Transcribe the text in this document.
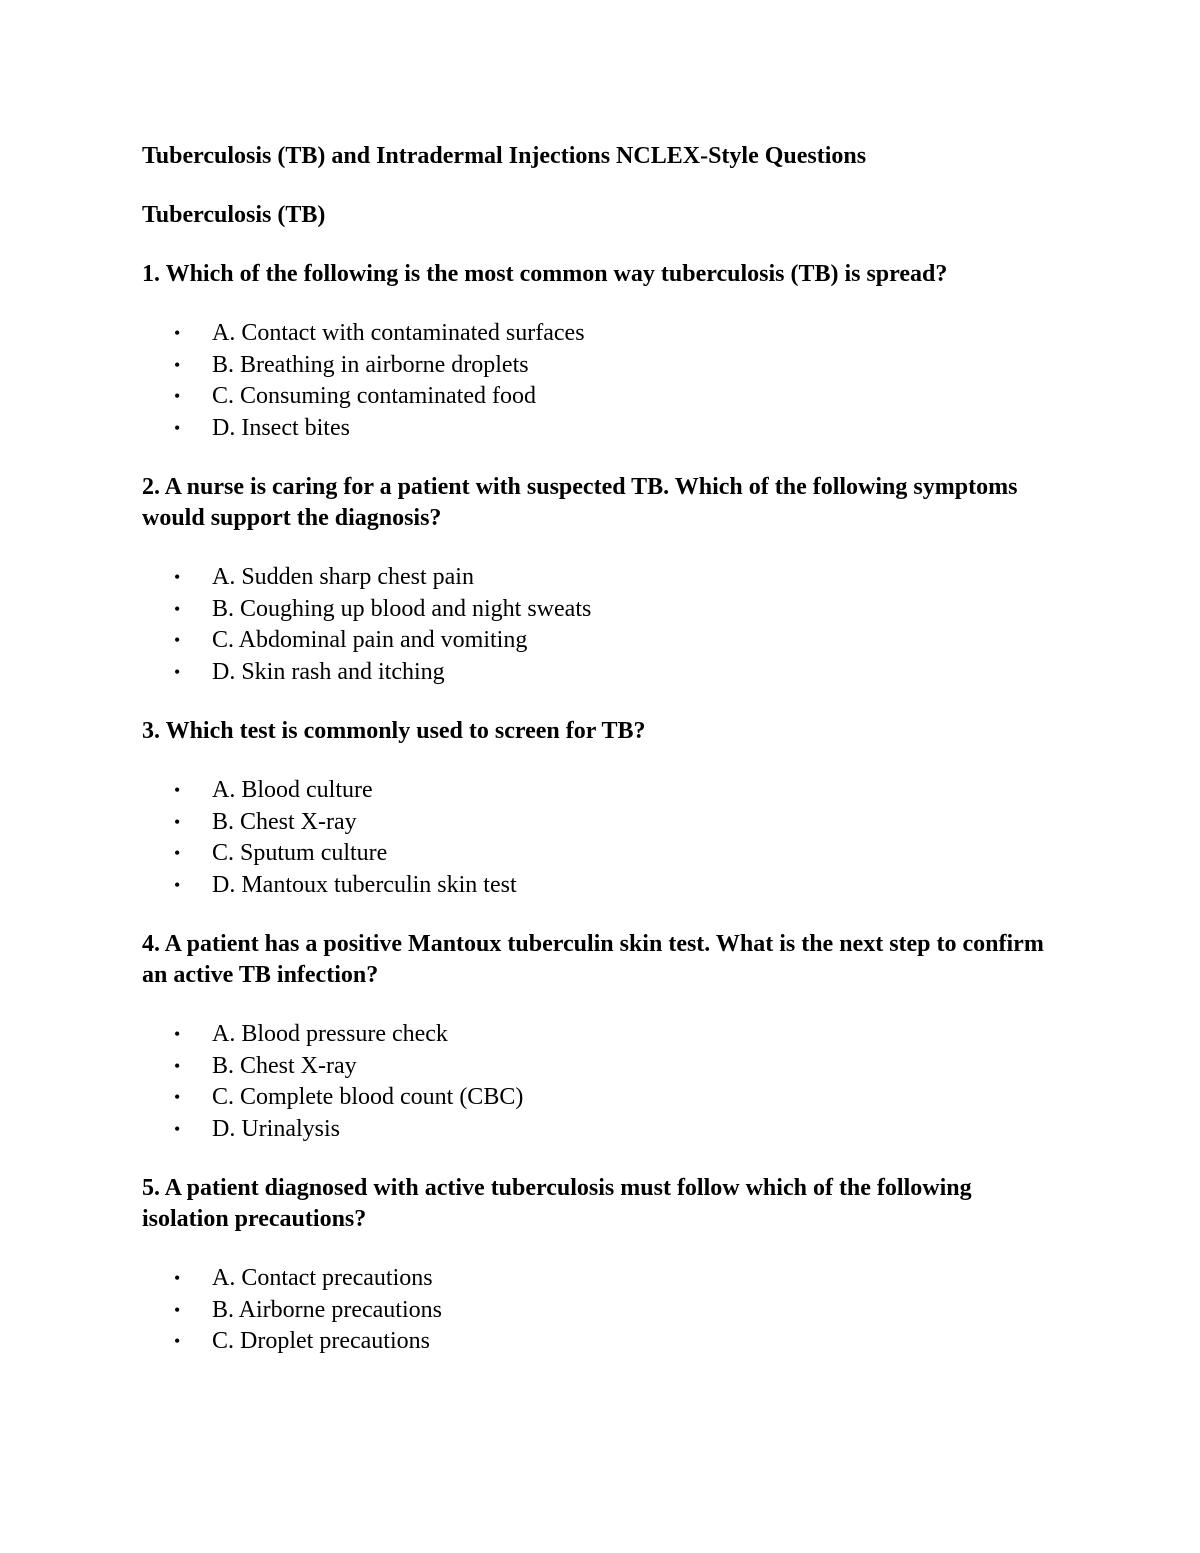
Tuberculosis (TB) and Intradermal Injections NCLEX-Style Questions
Tuberculosis (TB)
1. Which of the following is the most common way tuberculosis (TB) is spread?
• A. Contact with contaminated surfaces
• B. Breathing in airborne droplets
• C. Consuming contaminated food
• D. Insect bites
2. A nurse is caring for a patient with suspected TB. Which of the following symptoms would support the diagnosis?
• A. Sudden sharp chest pain
• B. Coughing up blood and night sweats
• C. Abdominal pain and vomiting
• D. Skin rash and itching
3. Which test is commonly used to screen for TB?
• A. Blood culture
• B. Chest X-ray
• C. Sputum culture
• D. Mantoux tuberculin skin test
4. A patient has a positive Mantoux tuberculin skin test. What is the next step to confirm an active TB infection?
• A. Blood pressure check
• B. Chest X-ray
• C. Complete blood count (CBC)
• D. Urinalysis
5. A patient diagnosed with active tuberculosis must follow which of the following isolation precautions?
• A. Contact precautions
• B. Airborne precautions
• C. Droplet precautions
